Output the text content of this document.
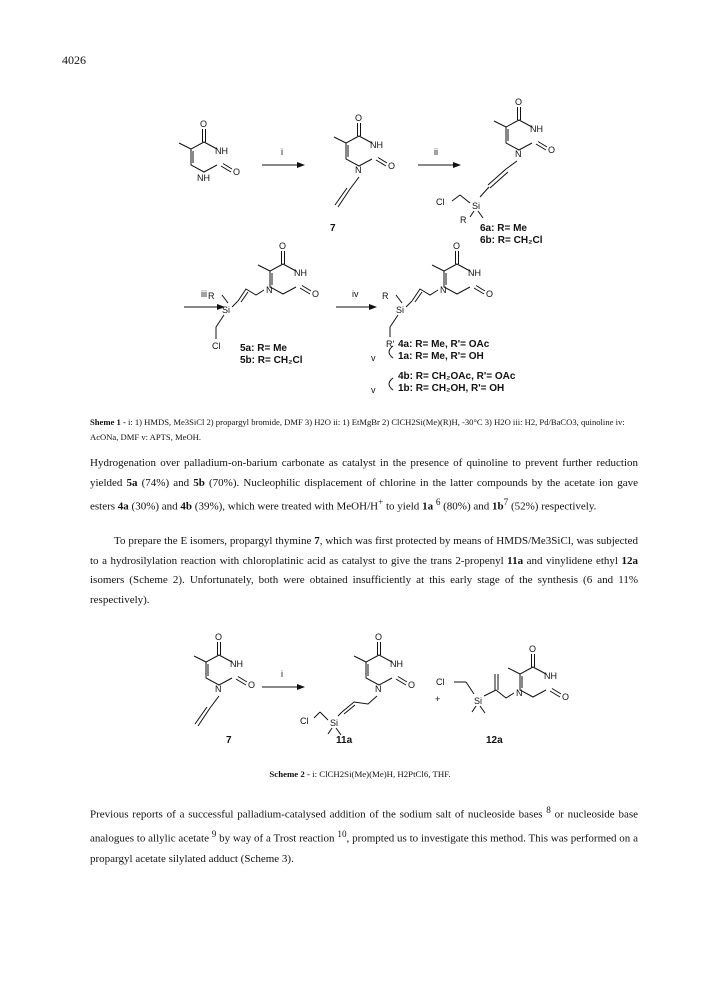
4026
O
NH
O
NH
i
O
NH
O
N
7
ii
O
NH
O
N
Si
Cl
R
6a: R= Me
6b: R= CH₂Cl
iii
O
NH
O
N
Si
R
Cl 5a: R= Me
5b: R= CH₂Cl
iv
O
NH
O
N
Si
R
R'
v
4a: R= Me, R'= OAc
1a: R= Me, R'= OH
v
4b: R= CH₂OAc, R'= OAc
1b: R= CH₂OH, R'= OH
Sheme 1 - i: 1) HMDS, Me3SiCl 2) propargyl bromide, DMF 3) H2O ii: 1) EtMgBr 2) ClCH2Si(Me)(R)H, -30°C 3) H2O iii: H2, Pd/BaCO3, quinoline iv: AcONa, DMF v: APTS, MeOH.

Hydrogenation over palladium-on-barium carbonate as catalyst in the presence of quinoline to prevent further reduction yielded 5a (74%) and 5b (70%). Nucleophilic displacement of chlorine in the latter compounds by the acetate ion gave esters 4a (30%) and 4b (39%), which were treated with MeOH/H+ to yield 1a $^6$ (80%) and $1b^7$ (52%) respectively.

To prepare the E isomers, propargyl thymine 7, which was first protected by means of HMDS/Me3SiCl, was subjected to a hydrosilylation reaction with chloroplatinic acid as catalyst to give the trans 2-propenyl 11a and vinylidene ethyl 12a isomers (Scheme 2). Unfortunately, both were obtained insufficiently at this early stage of the synthesis (6 and 11% respectively).

O
NH
O
N
7
i
O
NH
O
N
Si
Cl
11a
+
O
NH
O
N
Si
Cl
12a
Scheme 2 - i: ClCH2Si(Me)(Me)H, H2PtCl6, THF.

Previous reports of a successful palladium-catalysed addition of the sodium salt of nucleoside bases $^8$ or nucleoside base analogues to allylic acetate $^9$ by way of a Trost reaction $^{10}$, prompted us to investigate this method. This was performed on a propargyl acetate silylated adduct (Scheme 3).
